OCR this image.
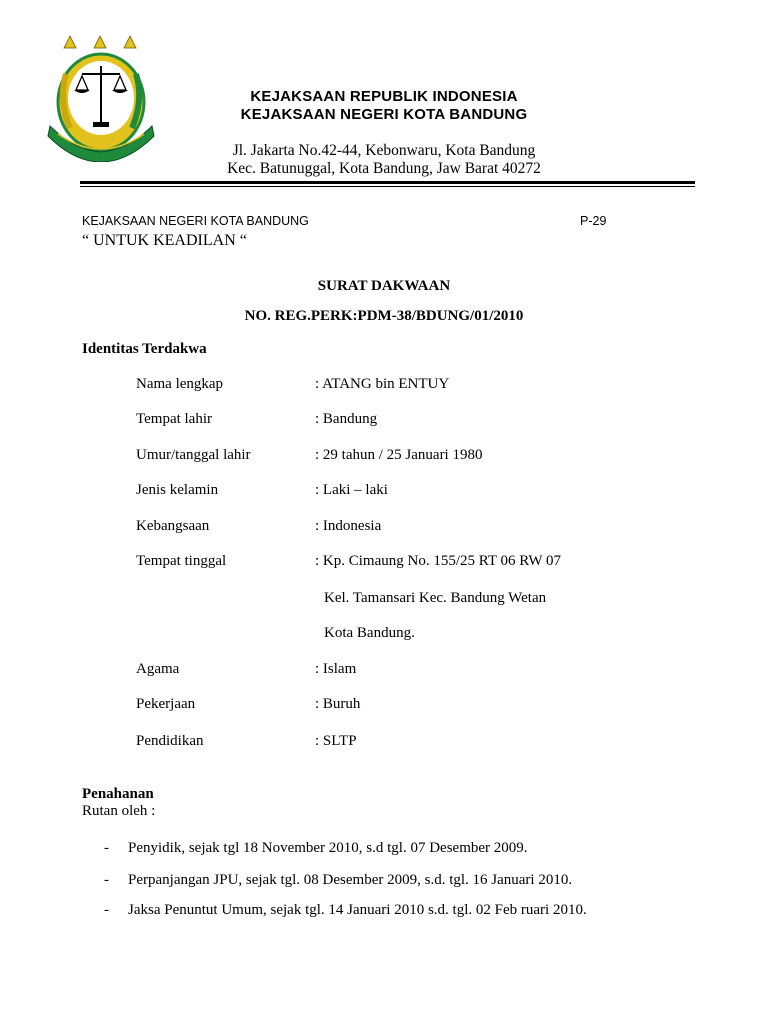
KEJAKSAAN REPUBLIK INDONESIA
KEJAKSAAN NEGERI KOTA BANDUNG
Jl. Jakarta No.42-44, Kebonwaru, Kota Bandung
Kec. Batunuggal, Kota Bandung, Jaw Barat 40272
KEJAKSAAN NEGERI KOTA BANDUNG	P-29
“ UNTUK KEADILAN “
SURAT DAKWAAN
NO. REG.PERK:PDM-38/BDUNG/01/2010
Identitas Terdakwa
Nama lengkap	: ATANG bin ENTUY
Tempat lahir	: Bandung
Umur/tanggal lahir	: 29 tahun / 25 Januari 1980
Jenis kelamin	: Laki – laki
Kebangsaan	: Indonesia
Tempat tinggal	: Kp. Cimaung No. 155/25 RT 06 RW 07
Kel. Tamansari Kec. Bandung Wetan
Kota Bandung.
Agama	: Islam
Pekerjaan	: Buruh
Pendidikan	: SLTP
Penahanan
Rutan oleh :
- Penyidik, sejak tgl 18 November 2010, s.d tgl. 07 Desember 2009.
- Perpanjangan JPU, sejak tgl. 08 Desember 2009, s.d. tgl. 16 Januari 2010.
- Jaksa Penuntut Umum, sejak tgl. 14 Januari 2010 s.d. tgl. 02 Feb ruari 2010.
